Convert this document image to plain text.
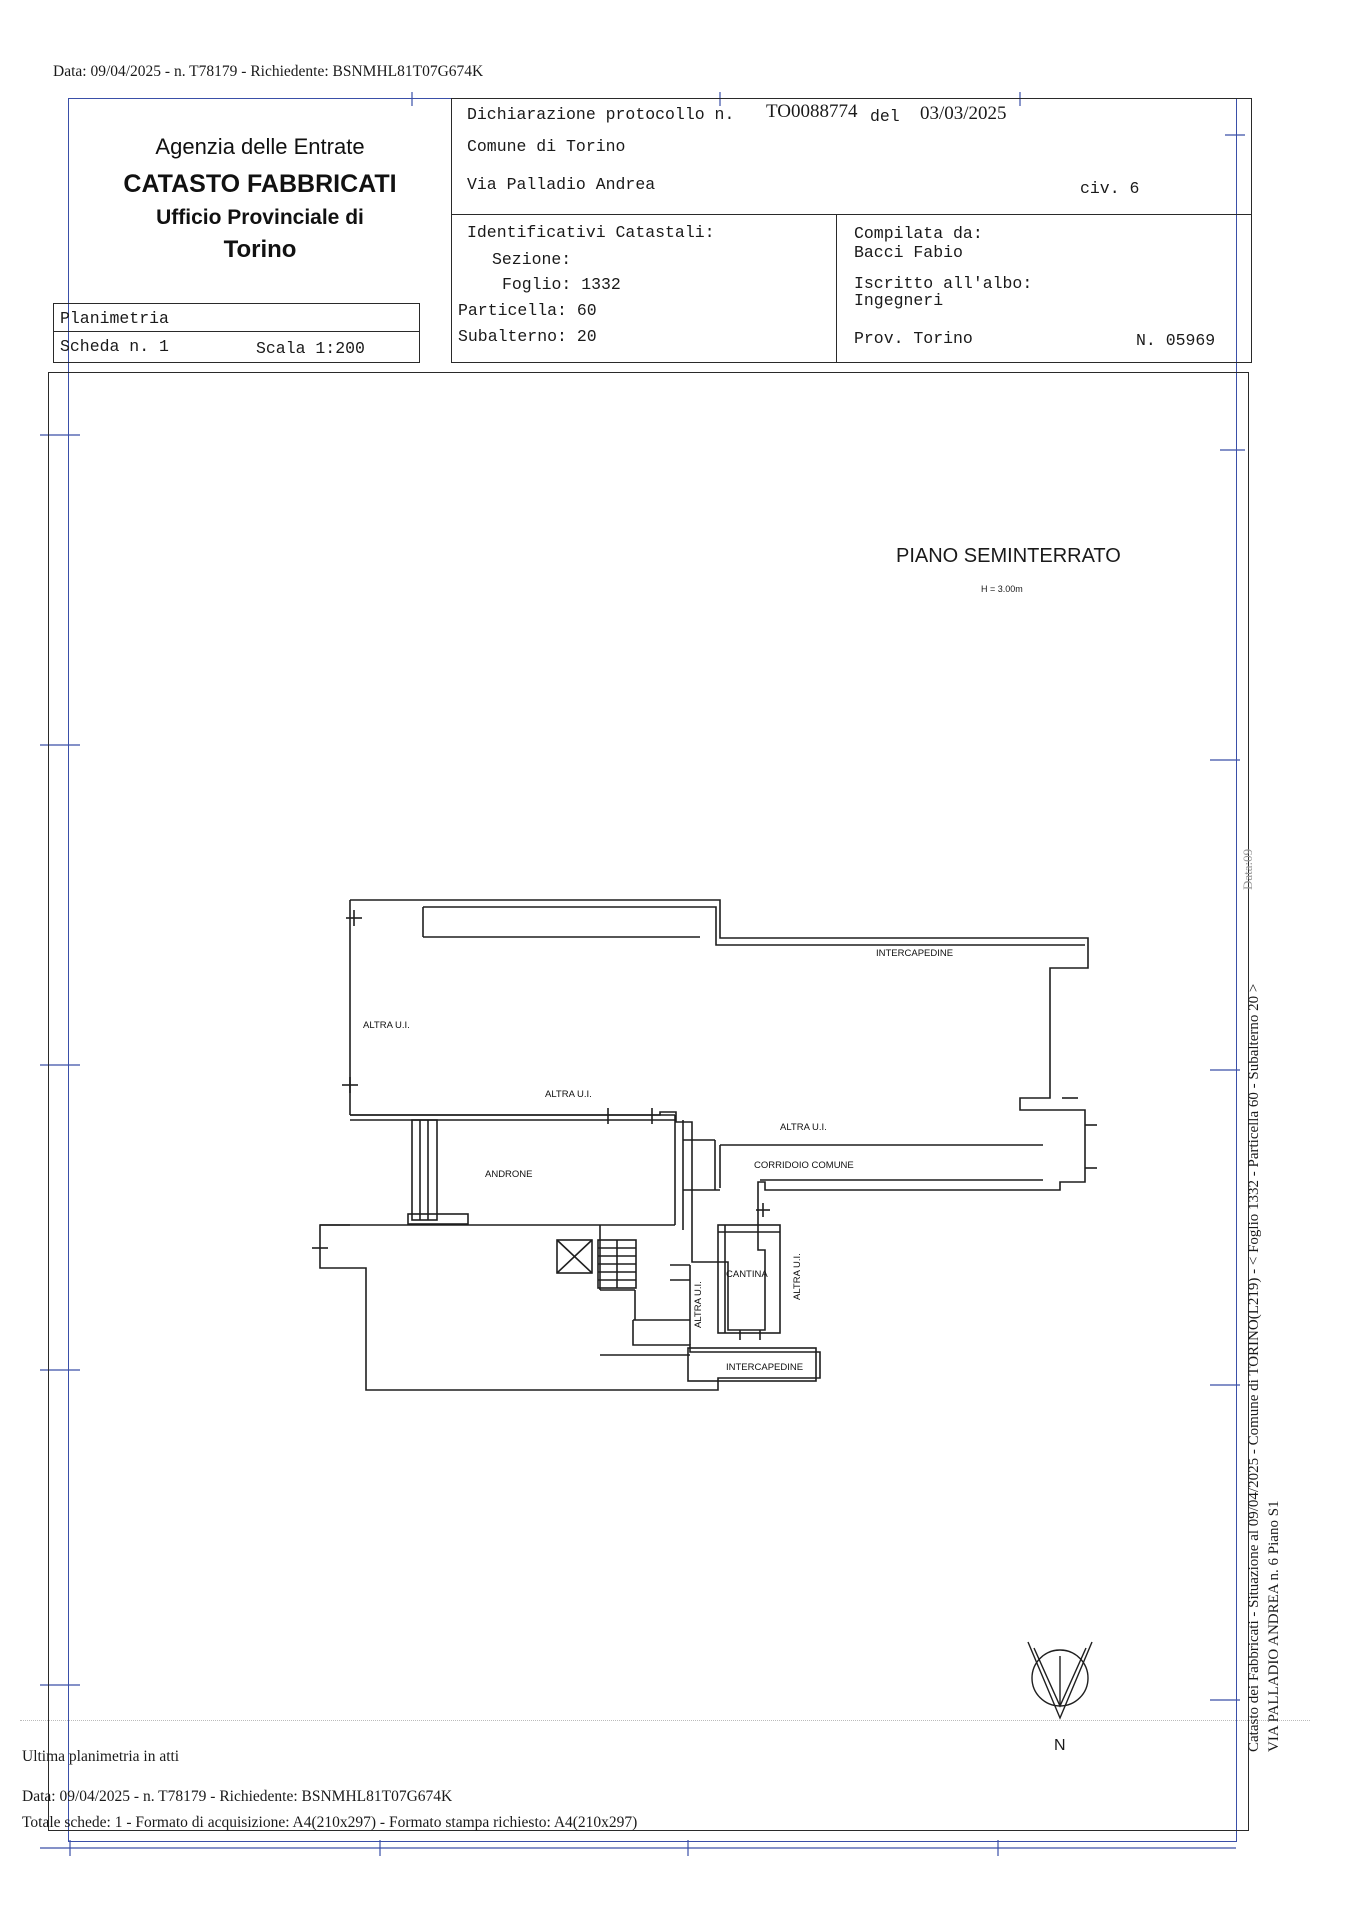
Data: 09/04/2025 - n. T78179 - Richiedente: BSNMHL81T07G674K
Agenzia delle Entrate
CATASTO FABBRICATI
Ufficio Provinciale di
Torino
Planimetria
Scheda n. 1	Scala 1:200
Dichiarazione protocollo n. TO0088774 del 03/03/2025
Comune di Torino
Via Palladio Andrea	civ. 6
Identificativi Catastali:
Sezione:
Foglio: 1332
Particella: 60
Subalterno: 20
Compilata da:
Bacci Fabio
Iscritto all'albo:
Ingegneri
Prov. Torino	N. 05969
PIANO SEMINTERRATO
H = 3.00m
INTERCAPEDINE
ALTRA U.I.
ALTRA U.I.
ALTRA U.I.
CORRIDOIO COMUNE
ANDRONE
CANTINA
ALTRA U.I.
ALTRA U.I.
INTERCAPEDINE
N
Data:09
Catasto dei Fabbricati - Situazione al 09/04/2025 - Comune di TORINO(L219) - < Foglio 1332 - Particella 60 - Subalterno 20 > VIA PALLADIO ANDREA n. 6 Piano S1
Ultima planimetria in atti
Data: 09/04/2025 - n. T78179 - Richiedente: BSNMHL81T07G674K
Totale schede: 1 - Formato di acquisizione: A4(210x297) - Formato stampa richiesto: A4(210x297)
